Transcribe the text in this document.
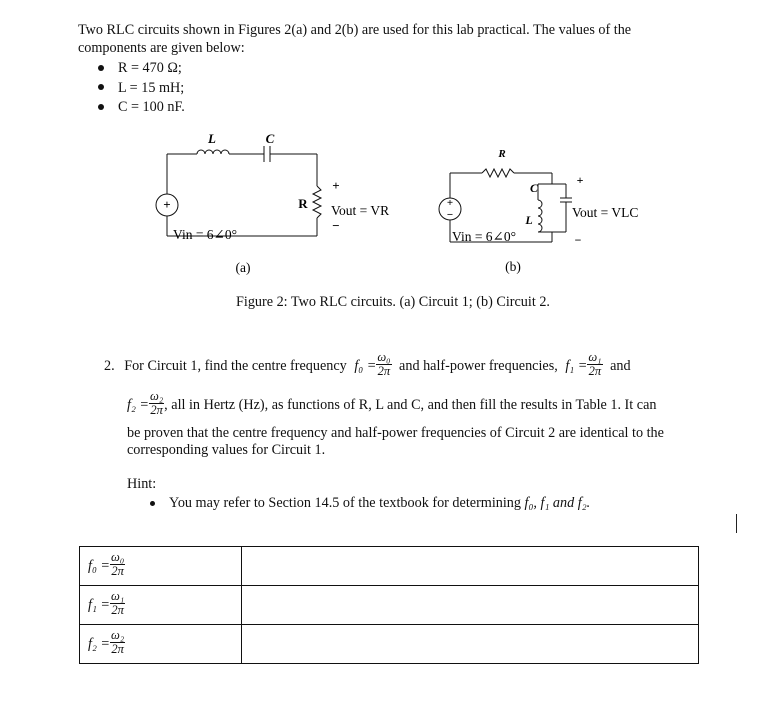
Two RLC circuits shown in Figures 2(a) and 2(b) are used for this lab practical. The values of the
components are given below:
R = 470 Ω;
L = 15 mH;
C = 100 nF.
+
L	C
R
+
−
Vout = VR
Vin = 6∠0°
(a)
+
−
R
C
L
+
−
Vout = VLC
Vin = 6∠0°
(b)
Figure 2: Two RLC circuits. (a) Circuit 1; (b) Circuit 2.
2. For Circuit 1, find the centre frequency $f_0 = \frac{\text{ω₀}}{2\pi}$ and half-power frequencies, $f_1 = \frac{\text{ω₁}}{2\pi}$ and
$f_2 = \frac{\text{ω₂}}{2\pi}$ , all in Hertz (Hz), as functions of R, L and C, and then fill the results in Table 1. It can
be proven that the centre frequency and half-power frequencies of Circuit 2 are identical to the
corresponding values for Circuit 1.
Hint:
You may refer to Section 14.5 of the textbook for determining f₀, f₁ and f₂.
$f_0 = \frac{\text{ω₀}}{2\pi}$

$f_1 = \frac{\text{ω₁}}{2\pi}$

$f_2 = \frac{\text{ω₂}}{2\pi}$
